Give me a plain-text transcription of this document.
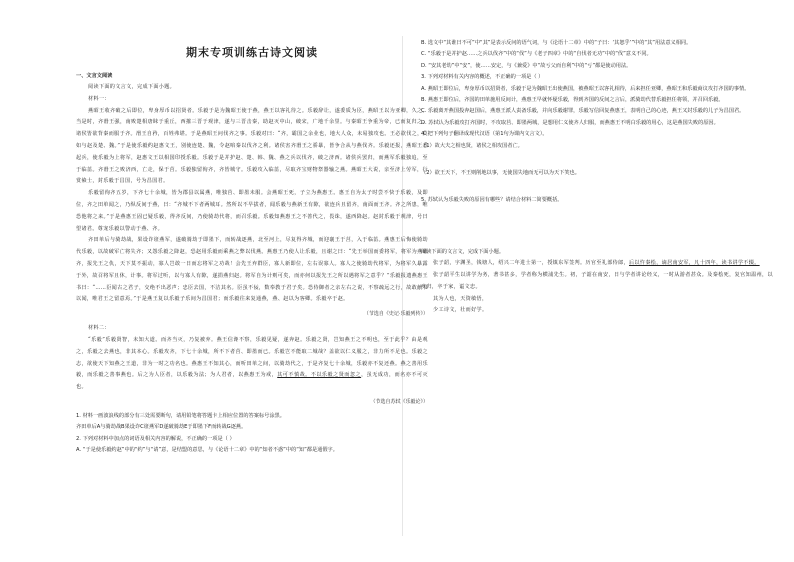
期末专项训练古诗文阅读
一、文言文阅读

阅读下面的文言文，完成下面小题。

材料一：

燕昭王收齐破之后即位，卑身厚币以招贤者。乐毅于是为魏昭王使于燕，燕王以客礼待之。乐毅辞让，遂委质为臣，燕昭王以为亚卿，久之。当是时，齐湣王强，南败楚相唐眛于重丘，西摧三晋于观津，遂与三晋击秦，助赵灭中山，破宋，广地千余里。与秦昭王争重为帝，已而复归之。诸侯皆欲背秦而服于齐。湣王自矜，百姓弗堪。于是燕昭王问伐齐之事。乐毅对曰：“齐，霸国之余业也，地大人众，未易独攻也。王必欲伐之，莫如与赵及楚、魏。”于是使乐毅约赵惠文王，别使连楚、魏，令赵啗秦以伐齐之利。诸侯害齐湣王之骄暴，皆争合从与燕伐齐。乐毅还报，燕昭王悉起兵，使乐毅为上将军，赵惠文王以相国印授乐毅。乐毅于是并护赵、楚、韩、魏、燕之兵以伐齐，破之济西。诸侯兵罢归，而燕军乐毅独追，至于临菑。齐湣王之败济西，亡走，保于莒。乐毅独留徇齐，齐皆城守。乐毅攻入临菑，尽取齐宝财物祭器输之燕。燕昭王大说，亲至济上劳军，行赏飨士，封乐毅于昌国，号为昌国君。

乐毅留徇齐五岁，下齐七十余城，皆为郡县以属燕，唯独莒、即墨未服。会燕昭王死，子立为燕惠王。惠王自为太子时尝不快于乐毅，及即位，齐之田单闻之，乃纵反间于燕，曰：“齐城不下者两城耳。然所以不早拔者，闻乐毅与燕新王有隙，欲连兵且留齐，南面而王齐。齐之所患，唯恐他将之来。”于是燕惠王固已疑乐毅，得齐反间，乃使骑劫代将，而召乐毅。乐毅知燕惠王之不善代之，畏诛，遂西降赵。赵封乐毅于观津，号曰望诸君。尊宠乐毅以警动于燕、齐。

齐田单后与骑劫战，果设诈诳燕军，遂破骑劫于即墨下，而转战逐燕，北至河上，尽复得齐城，而迎襄王于莒，入于临菑。燕惠王后悔使骑劫代乐毅，以故破军亡将失齐；又怨乐毅之降赵，恐赵用乐毅而乘燕之弊以伐燕。燕惠王乃使人让乐毅，且谢之曰：“先王举国而委将军，将军为燕破齐，报先王之仇，天下莫不振动，寡人岂敢一日而忘将军之功哉！会先王弃群臣，寡人新即位，左右误寡人。寡人之使骑劫代将军，为将军久暴露于外，故召将军且休，计事。将军过听，以与寡人有隙，遂捐燕归赵。将军自为计则可矣，而亦何以报先王之所以遇将军之意乎？”乐毅报遗燕惠王书曰：“……臣闻古之君子，交绝不出恶声；忠臣去国，不洁其名。臣虽不佞，数奉教于君子矣。恐侍御者之亲左右之说，不察疏远之行，故敢献书以闻，唯君王之留意焉。”于是燕王复以乐毅子乐间为昌国君；而乐毅往来复通燕，燕、赵以为客卿。乐毅卒于赵。

（节选自《史记·乐毅列传》）

材料二：

“乐毅”乐毅贤智，未知大道。而齐当灭，乃复被弃。燕王信谗不察，乐毅见疑，遂奔赵。乐毅之贤，岂知燕王之不明也，至于此乎？由是观之，乐毅之去燕也，非其本心。乐毅攻齐，下七十余城，所不下者莒、即墨而已。乐毅岂不能取二城哉？盖欲以仁义服之，非力所不足也。乐毅之志，欲使天下知燕之王道，非为一时之功名也。燕惠王不知其心，而听田单之间，以骑劫代之，于是齐复七十余城，乐毅亦不复还燕。燕之善用乐毅，而乐毅之善事燕也。后之为人臣者，以乐毅为法；为人君者，以燕惠王为戒，其可不慎哉。不以乐毅之贤而忽之，虽无成功，而名亦不可灭也。

（节选自苏轼《乐毅论》）

1. 材料一画波浪线的部分有三处需要断句，请用铅笔将答题卡上相应位置的答案标号涂黑。

齐田单后A与骑劫战B果设诈C诳燕军D遂破骑劫E于即墨下F而转战G逐燕。

2. 下列对材料中加点的词语及相关内容的解说，不正确的一项是（ ）

A. “于是使乐毅约赵”中的“约”与“请”意，是结盟的意思，与《论语十二章》中的“知者不惑”中的“知”都是通假字。

B. 选文中“其谁曰不可”中“其”是表示反问的语气词，与《论语十二章》中的“子曰：‘其恕乎’”中的“其”用法意义相同。

C. “乐毅于是并护赵……之兵以伐齐”中的“伐”与《老子四章》中的“自伐者无功”中的“伐”意义不同。

D. “安其老幼”中“安”，使……安定，与《兼爱》中“故亏父而自利”中的“亏”都是使动用法。

3. 下列对材料有关内容的概述，不正确的一项是（ ）

A. 燕昭王即位后，卑身厚币以招贤者，乐毅于是为魏昭王出使燕国，被燕昭王以客礼相待，后来担任亚卿，燕昭王和乐毅商议攻打齐国的事情。

B. 燕惠王即位后，齐国的田单施用反间计，燕惠王早就怀疑乐毅，得到齐国的反间之言后，派骑劫代替乐毅担任将领，并召回乐毅。

C. 乐毅离开燕国投奔赵国后，燕惠王派人责备乐毅，并向乐毅谢罪，乐毅写信回复燕惠王，表明自己的心迹，燕王又封乐毅的儿子为昌国君。

D. 苏轼认为乐毅攻打齐国时，不攻取莒、即墨两城，是想用仁义使齐人归服，而燕惠王不明白乐毅的用心，这是燕国失败的原因。

4. 把下列句子翻译成现代汉语（第1句为课内文言文）。

（1）故大夫之相也贤，诸侯之相攻国者亡。

（2）欲王天下，不王则削地以事，无使国失地而无可以为天下笑也。

5. 苏轼认为乐毅失败的原因有哪些？请结合材料二简要概括。

阅读下面的文言文，完成下面小题。

张子韶，字渊圣，钱塘人，绍兴二年进士第一，授镇东军签判。历官至礼部侍郎，后以忤秦桧，谪居南安军，凡十四年，读书讲学不辍。

张子韶平生以讲学为务，著书甚多，学者称为横浦先生。初，子韶在南安，日与学者讲论经义，一时从游者甚众。及秦桧死，复官知温州，以疾归，卒于家，谥文忠。

其为人也，天资敏悟，

少工诗文，壮而好学。
